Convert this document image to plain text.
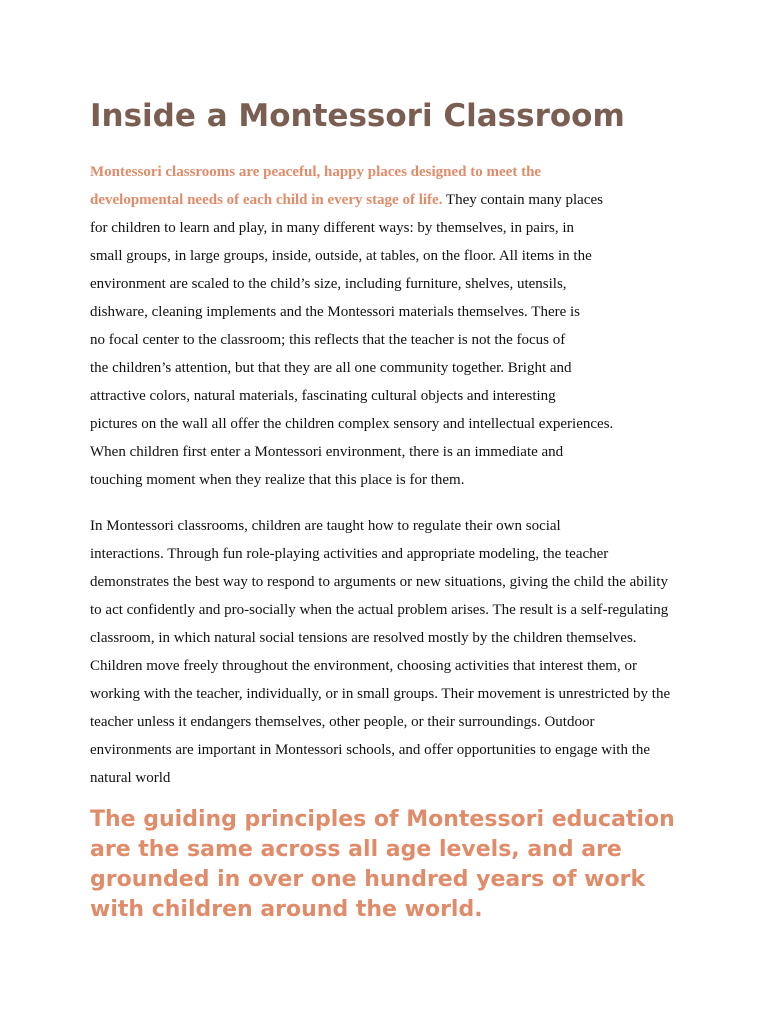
Inside a Montessori Classroom
Montessori classrooms are peaceful, happy places designed to meet the
developmental needs of each child in every stage of life. They contain many places
for children to learn and play, in many different ways: by themselves, in pairs, in
small groups, in large groups, inside, outside, at tables, on the floor. All items in the
environment are scaled to the child’s size, including furniture, shelves, utensils,
dishware, cleaning implements and the Montessori materials themselves. There is
no focal center to the classroom; this reflects that the teacher is not the focus of
the children’s attention, but that they are all one community together. Bright and
attractive colors, natural materials, fascinating cultural objects and interesting
pictures on the wall all offer the children complex sensory and intellectual experiences.
When children first enter a Montessori environment, there is an immediate and
touching moment when they realize that this place is for them.
In Montessori classrooms, children are taught how to regulate their own social
interactions. Through fun role-playing activities and appropriate modeling, the teacher
demonstrates the best way to respond to arguments or new situations, giving the child the ability
to act confidently and pro-socially when the actual problem arises. The result is a self-regulating
classroom, in which natural social tensions are resolved mostly by the children themselves.
Children move freely throughout the environment, choosing activities that interest them, or
working with the teacher, individually, or in small groups. Their movement is unrestricted by the
teacher unless it endangers themselves, other people, or their surroundings. Outdoor
environments are important in Montessori schools, and offer opportunities to engage with the
natural world
The guiding principles of Montessori education
are the same across all age levels, and are
grounded in over one hundred years of work
with children around the world.
